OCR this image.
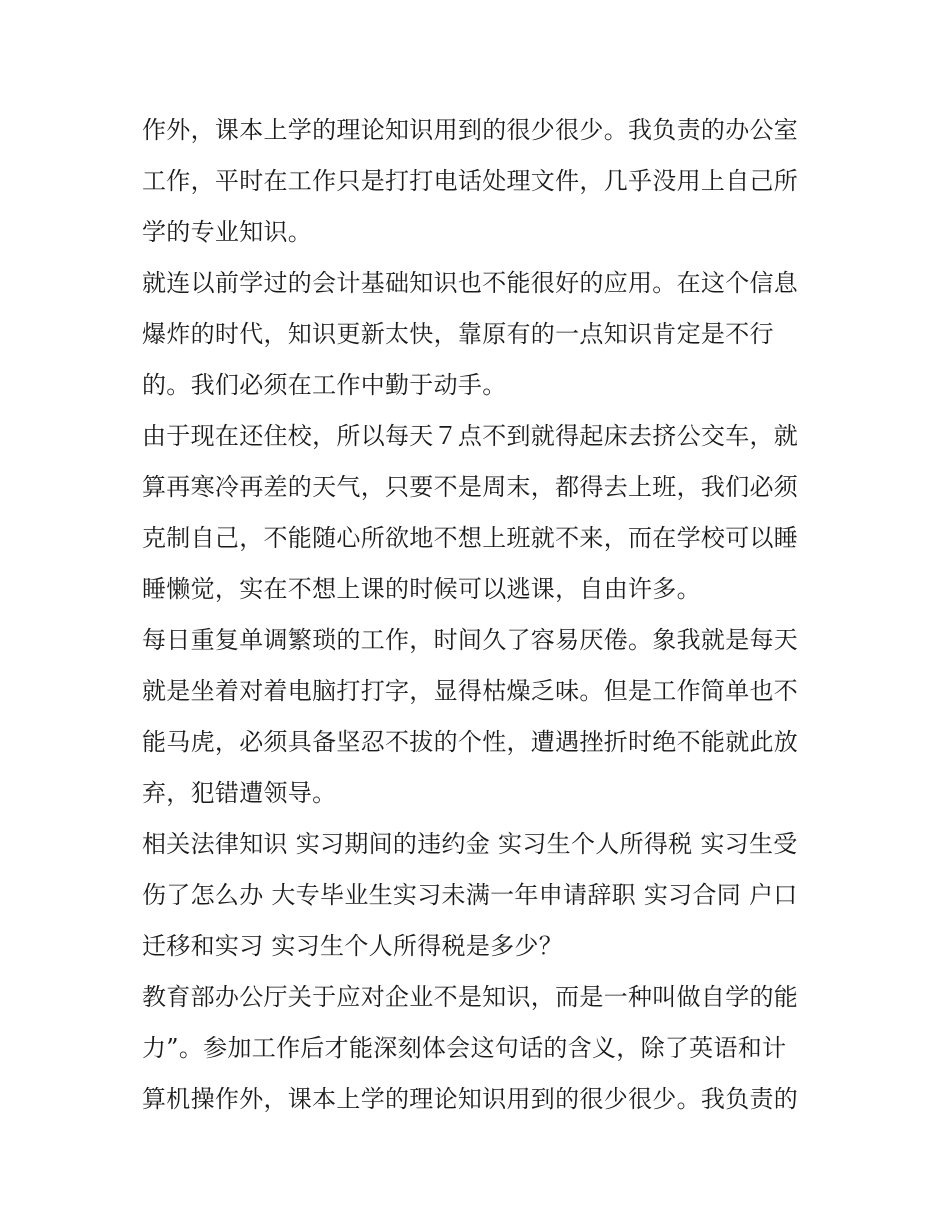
作外，课本上学的理论知识用到的很少很少。我负责的办公室
工作，平时在工作只是打打电话处理文件，几乎没用上自己所
学的专业知识。
就连以前学过的会计基础知识也不能很好的应用。在这个信息
爆炸的时代，知识更新太快，靠原有的一点知识肯定是不行
的。我们必须在工作中勤于动手。
由于现在还住校，所以每天７点不到就得起床去挤公交车，就
算再寒冷再差的天气，只要不是周末，都得去上班，我们必须
克制自己，不能随心所欲地不想上班就不来，而在学校可以睡
睡懒觉，实在不想上课的时候可以逃课，自由许多。
每日重复单调繁琐的工作，时间久了容易厌倦。象我就是每天
就是坐着对着电脑打打字，显得枯燥乏味。但是工作简单也不
能马虎，必须具备坚忍不拔的个性，遭遇挫折时绝不能就此放
弃，犯错遭领导。
相关法律知识 实习期间的违约金 实习生个人所得税 实习生受
伤了怎么办 大专毕业生实习未满一年申请辞职 实习合同 户口
迁移和实习 实习生个人所得税是多少？
教育部办公厅关于应对企业不是知识，而是一种叫做自学的能
力”。参加工作后才能深刻体会这句话的含义，除了英语和计
算机操作外，课本上学的理论知识用到的很少很少。我负责的
